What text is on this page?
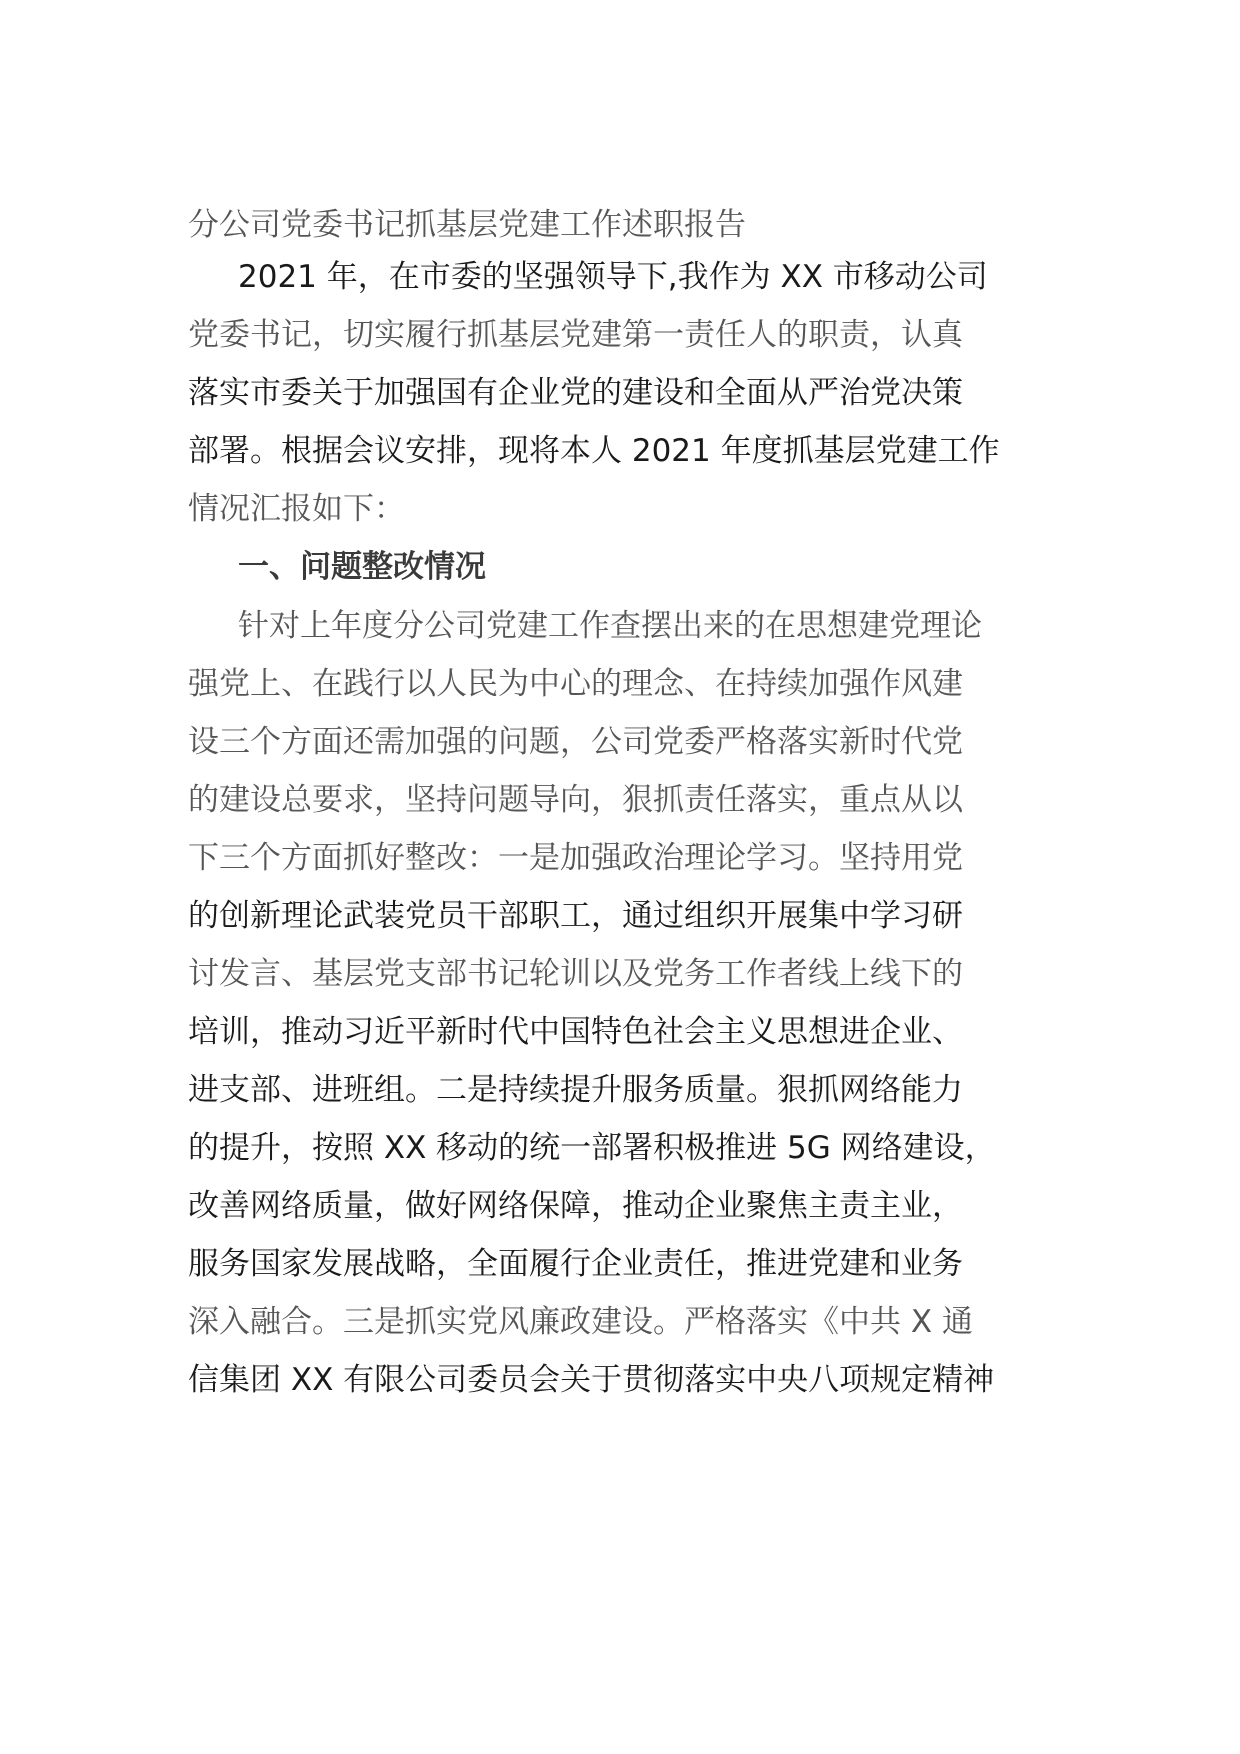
分公司党委书记抓基层党建工作述职报告

2021 年，在市委的坚强领导下,我作为 XX 市移动公司

党委书记，切实履行抓基层党建第一责任人的职责，认真

落实市委关于加强国有企业党的建设和全面从严治党决策

部署。根据会议安排，现将本人 2021 年度抓基层党建工作

情况汇报如下：

一、问题整改情况

针对上年度分公司党建工作查摆出来的在思想建党理论

强党上、在践行以人民为中心的理念、在持续加强作风建

设三个方面还需加强的问题，公司党委严格落实新时代党

的建设总要求，坚持问题导向，狠抓责任落实，重点从以

下三个方面抓好整改：一是加强政治理论学习。坚持用党

的创新理论武装党员干部职工，通过组织开展集中学习研

讨发言、基层党支部书记轮训以及党务工作者线上线下的

培训，推动习近平新时代中国特色社会主义思想进企业、

进支部、进班组。二是持续提升服务质量。狠抓网络能力

的提升，按照 XX 移动的统一部署积极推进 5G 网络建设，

改善网络质量，做好网络保障，推动企业聚焦主责主业，

服务国家发展战略，全面履行企业责任，推进党建和业务

深入融合。三是抓实党风廉政建设。严格落实《中共 X 通

信集团 XX 有限公司委员会关于贯彻落实中央八项规定精神
